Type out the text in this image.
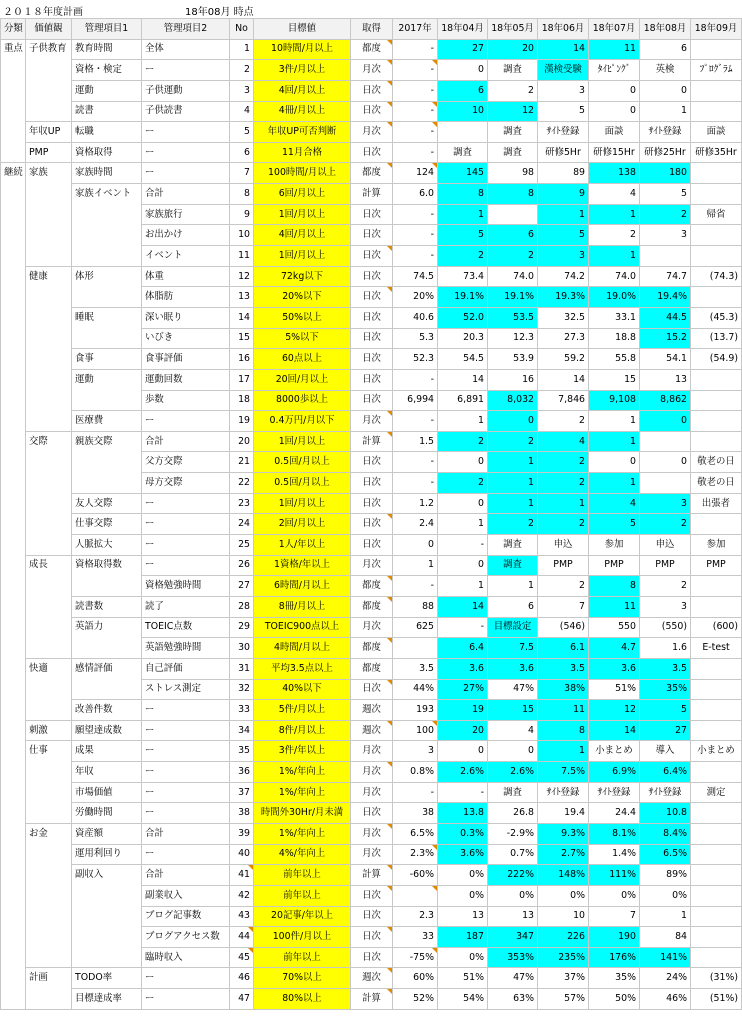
２０１８年度計画	18年08月 時点
分類	価値観	管理項目1	管理項目2	No	目標値	取得	2017年	18年04月	18年05月	18年06月	18年07月	18年08月	18年09月
重点	子供教育	教育時間	全体	1	10時間/月以上	都度	-	27	20	14	11	6	
		資格・検定	ー	2	3件/月以上	月次	-	0	調査	漢検受験	ﾀｲﾋﾟﾝｸﾞ	英検	ﾌﾟﾛｸﾞﾗﾑ
		運動	子供運動	3	4回/月以上	日次	-	6	2	3	0	0	
		読書	子供読書	4	4冊/月以上	日次	-	10	12	5	0	1	
	年収UP	転職	ー	5	年収UP可否判断	月次	-		調査	ｻｲﾄ登録	面談	ｻｲﾄ登録	面談
	PMP	資格取得	ー	6	11月合格	日次	-	調査	調査	研修5Hr	研修15Hr	研修25Hr	研修35Hr
継続	家族	家族時間	ー	7	100時間/月以上	都度	124	145	98	89	138	180	
		家族イベント	合計	8	6回/月以上	計算	6.0	8	8	9	4	5	
			家族旅行	9	1回/月以上	日次	-	1		1	1	2	帰省
			お出かけ	10	4回/月以上	日次	-	5	6	5	2	3	
			イベント	11	1回/月以上	日次	-	2	2	3	1		
	健康	体形	体重	12	72kg以下	日次	74.5	73.4	74.0	74.2	74.0	74.7	(74.3)
			体脂肪	13	20%以下	日次	20%	19.1%	19.1%	19.3%	19.0%	19.4%	
		睡眠	深い眠り	14	50%以上	日次	40.6	52.0	53.5	32.5	33.1	44.5	(45.3)
			いびき	15	5%以下	日次	5.3	20.3	12.3	27.3	18.8	15.2	(13.7)
		食事	食事評価	16	60点以上	日次	52.3	54.5	53.9	59.2	55.8	54.1	(54.9)
		運動	運動回数	17	20回/月以上	日次	-	14	16	14	15	13	
			歩数	18	8000歩以上	日次	6,994	6,891	8,032	7,846	9,108	8,862	
		医療費	ー	19	0.4万円/月以下	月次	-	1	0	2	1	0	
	交際	親族交際	合計	20	1回/月以上	計算	1.5	2	2	4	1		
			父方交際	21	0.5回/月以上	日次	-	0	1	2	0	0	敬老の日
			母方交際	22	0.5回/月以上	日次	-	2	1	2	1		敬老の日
		友人交際	ー	23	1回/月以上	日次	1.2	0	1	1	4	3	出張者
		仕事交際	ー	24	2回/月以上	日次	2.4	1	2	2	5	2	
		人脈拡大	ー	25	1人/年以上	日次	0	-	調査	申込	参加	申込	参加
	成長	資格取得数	ー	26	1資格/年以上	月次	1	0	調査	PMP	PMP	PMP	PMP
			資格勉強時間	27	6時間/月以上	都度	-	1	1	2	8	2	
		読書数	読了	28	8冊/月以上	都度	88	14	6	7	11	3	
		英語力	TOEIC点数	29	TOEIC900点以上	月次	625	-	目標設定	(546)	550	(550)	(600)
			英語勉強時間	30	4時間/月以上	都度		6.4	7.5	6.1	4.7	1.6	E-test
	快適	感情評価	自己評価	31	平均3.5点以上	都度	3.5	3.6	3.6	3.5	3.6	3.5	
			ストレス測定	32	40%以下	日次	44%	27%	47%	38%	51%	35%	
		改善件数	ー	33	5件/月以上	週次	193	19	15	11	12	5	
	刺激	願望達成数	ー	34	8件/月以上	週次	100	20	4	8	14	27	
	仕事	成果	ー	35	3件/年以上	月次	3	0	0	1	小まとめ	導入	小まとめ
		年収	ー	36	1%/年向上	月次	0.8%	2.6%	2.6%	7.5%	6.9%	6.4%	
		市場価値	ー	37	1%/年向上	月次	-	-	調査	ｻｲﾄ登録	ｻｲﾄ登録	ｻｲﾄ登録	測定
		労働時間	ー	38	時間外30Hr/月未満	日次	38	13.8	26.8	19.4	24.4	10.8	
	お金	資産額	合計	39	1%/年向上	月次	6.5%	0.3%	-2.9%	9.3%	8.1%	8.4%	
		運用利回り	ー	40	4%/年向上	月次	2.3%	3.6%	0.7%	2.7%	1.4%	6.5%	
		副収入	合計	41	前年以上	計算	-60%	0%	222%	148%	111%	89%	
			副業収入	42	前年以上	日次		0%	0%	0%	0%	0%	
			ブログ記事数	43	20記事/年以上	日次	2.3	13	13	10	7	1	
			ブログアクセス数	44	100件/月以上	日次	33	187	347	226	190	84	
			臨時収入	45	前年以上	日次	-75%	0%	353%	235%	176%	141%	
	計画	TODO率	ー	46	70%以上	週次	60%	51%	47%	37%	35%	24%	(31%)
		目標達成率	ー	47	80%以上	計算	52%	54%	63%	57%	50%	46%	(51%)
